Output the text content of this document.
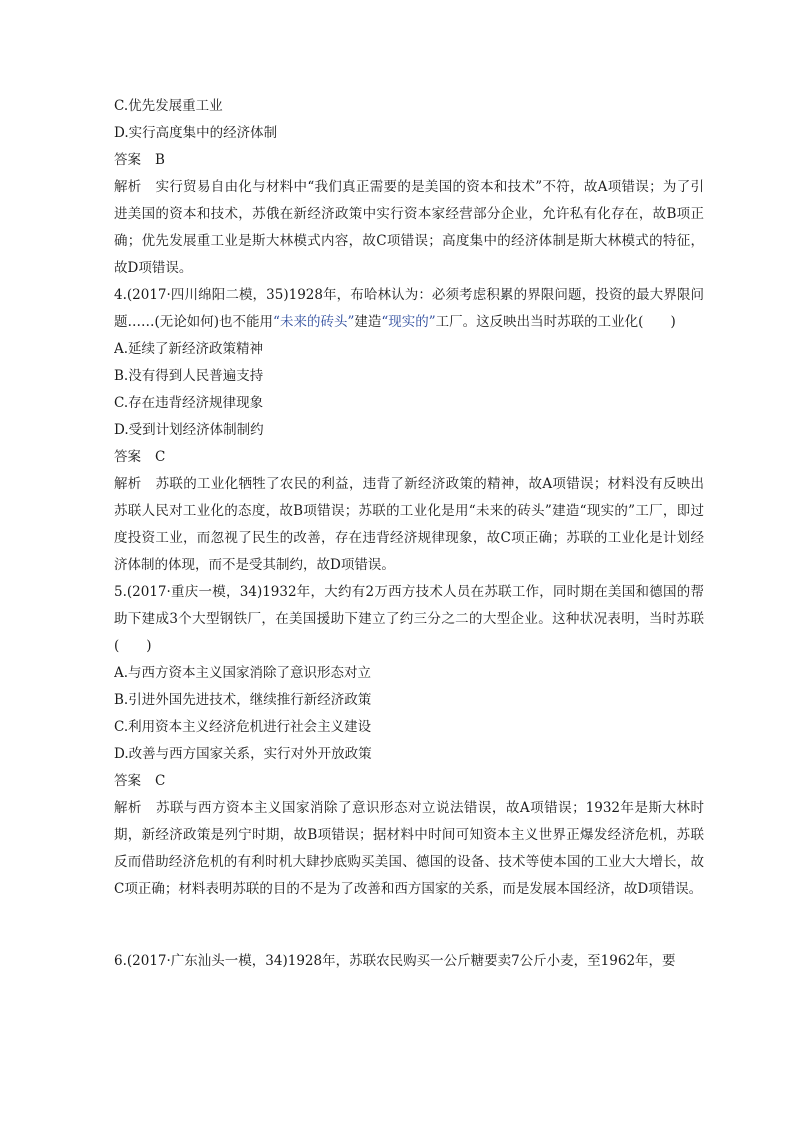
C.优先发展重工业
D.实行高度集中的经济体制
答案 B
解析 实行贸易自由化与材料中“我们真正需要的是美国的资本和技术”不符，故A项错误；为了引进美国的资本和技术，苏俄在新经济政策中实行资本家经营部分企业，允许私有化存在，故B项正确；优先发展重工业是斯大林模式内容，故C项错误；高度集中的经济体制是斯大林模式的特征，故D项错误。
4.(2017·四川绵阳二模，35)1928年，布哈林认为：必须考虑积累的界限问题，投资的最大界限问题……(无论如何)也不能用“未来的砖头”建造“现实的”工厂。这反映出当时苏联的工业化(　　)
A.延续了新经济政策精神
B.没有得到人民普遍支持
C.存在违背经济规律现象
D.受到计划经济体制制约
答案 C
解析 苏联的工业化牺牲了农民的利益，违背了新经济政策的精神，故A项错误；材料没有反映出苏联人民对工业化的态度，故B项错误；苏联的工业化是用“未来的砖头”建造“现实的”工厂，即过度投资工业，而忽视了民生的改善，存在违背经济规律现象，故C项正确；苏联的工业化是计划经济体制的体现，而不是受其制约，故D项错误。
5.(2017·重庆一模，34)1932年，大约有2万西方技术人员在苏联工作，同时期在美国和德国的帮助下建成3个大型钢铁厂，在美国援助下建立了约三分之二的大型企业。这种状况表明，当时苏联(　　)
A.与西方资本主义国家消除了意识形态对立
B.引进外国先进技术，继续推行新经济政策
C.利用资本主义经济危机进行社会主义建设
D.改善与西方国家关系，实行对外开放政策
答案 C
解析 苏联与西方资本主义国家消除了意识形态对立说法错误，故A项错误；1932年是斯大林时期，新经济政策是列宁时期，故B项错误；据材料中时间可知资本主义世界正爆发经济危机，苏联反而借助经济危机的有利时机大肆抄底购买美国、德国的设备、技术等使本国的工业大大增长，故C项正确；材料表明苏联的目的不是为了改善和西方国家的关系，而是发展本国经济，故D项错误。
6.(2017·广东汕头一模，34)1928年，苏联农民购买一公斤糖要卖7公斤小麦，至1962年，要
